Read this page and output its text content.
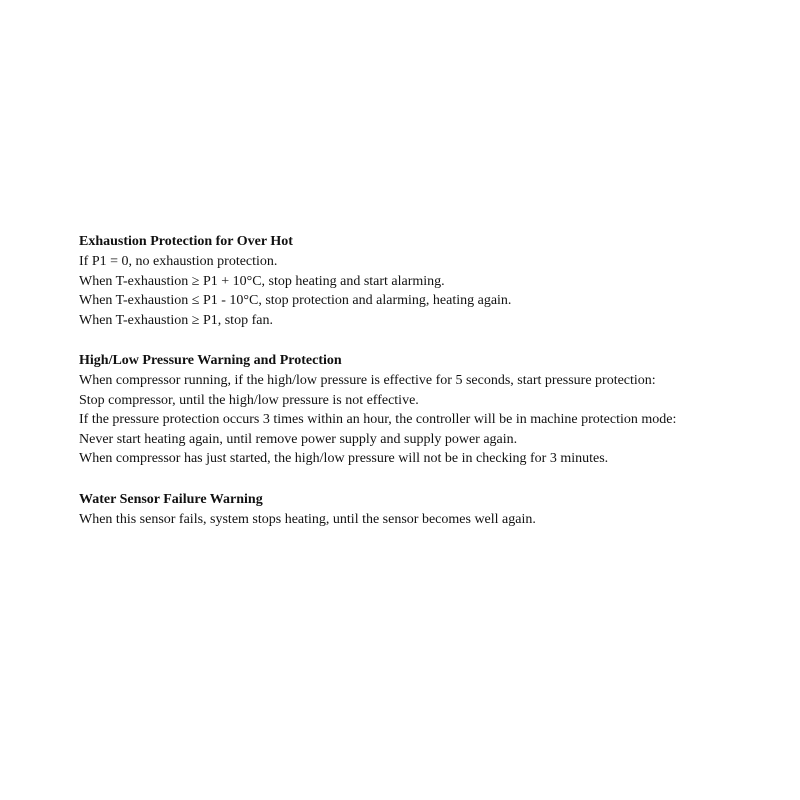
Exhaustion Protection for Over Hot
If P1 = 0, no exhaustion protection.
When T-exhaustion ≥ P1 + 10°C, stop heating and start alarming.
When T-exhaustion ≤ P1 - 10°C, stop protection and alarming, heating again.
When T-exhaustion ≥ P1, stop fan.
High/Low Pressure Warning and Protection
When compressor running, if the high/low pressure is effective for 5 seconds, start pressure protection:
Stop compressor, until the high/low pressure is not effective.
If the pressure protection occurs 3 times within an hour, the controller will be in machine protection mode:
Never start heating again, until remove power supply and supply power again.
When compressor has just started, the high/low pressure will not be in checking for 3 minutes.
Water Sensor Failure Warning
When this sensor fails, system stops heating, until the sensor becomes well again.
